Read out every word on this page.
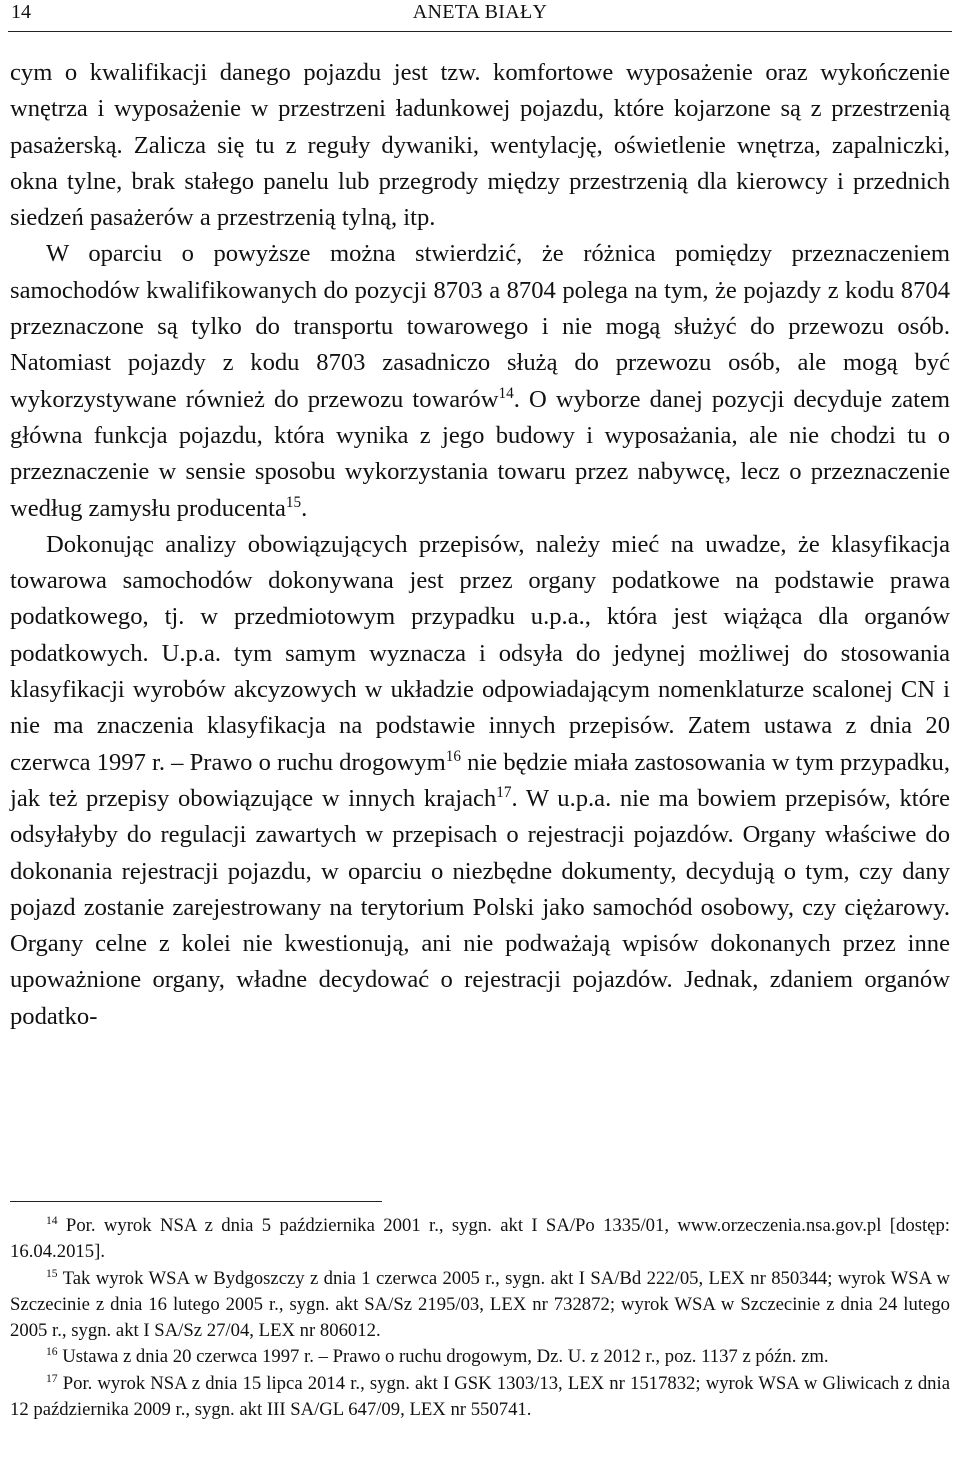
14	ANETA BIAŁY

cym o kwalifikacji danego pojazdu jest tzw. komfortowe wyposażenie oraz wykończenie wnętrza i wyposażenie w przestrzeni ładunkowej pojazdu, które kojarzone są z przestrzenią pasażerską. Zalicza się tu z reguły dywaniki, wentylację, oświetlenie wnętrza, zapalniczki, okna tylne, brak stałego panelu lub przegrody między przestrzenią dla kierowcy i przednich siedzeń pasażerów a przestrzenią tylną, itp.

W oparciu o powyższe można stwierdzić, że różnica pomiędzy przeznaczeniem samochodów kwalifikowanych do pozycji 8703 a 8704 polega na tym, że pojazdy z kodu 8704 przeznaczone są tylko do transportu towarowego i nie mogą służyć do przewozu osób. Natomiast pojazdy z kodu 8703 zasadniczo służą do przewozu osób, ale mogą być wykorzystywane również do przewozu towarów$^{14}$. O wyborze danej pozycji decyduje zatem główna funkcja pojazdu, która wynika z jego budowy i wyposażania, ale nie chodzi tu o przeznaczenie w sensie sposobu wykorzystania towaru przez nabywcę, lecz o przeznaczenie według zamysłu producenta$^{15}$.

Dokonując analizy obowiązujących przepisów, należy mieć na uwadze, że klasyfikacja towarowa samochodów dokonywana jest przez organy podatkowe na podstawie prawa podatkowego, tj. w przedmiotowym przypadku u.p.a., która jest wiążąca dla organów podatkowych. U.p.a. tym samym wyznacza i odsyła do jedynej możliwej do stosowania klasyfikacji wyrobów akcyzowych w układzie odpowiadającym nomenklaturze scalonej CN i nie ma znaczenia klasyfikacja na podstawie innych przepisów. Zatem ustawa z dnia 20 czerwca 1997 r. – Prawo o ruchu drogowym$^{16}$ nie będzie miała zastosowania w tym przypadku, jak też przepisy obowiązujące w innych krajach$^{17}$. W u.p.a. nie ma bowiem przepisów, które odsyłałyby do regulacji zawartych w przepisach o rejestracji pojazdów. Organy właściwe do dokonania rejestracji pojazdu, w oparciu o niezbędne dokumenty, decydują o tym, czy dany pojazd zostanie zarejestrowany na terytorium Polski jako samochód osobowy, czy ciężarowy. Organy celne z kolei nie kwestionują, ani nie podważają wpisów dokonanych przez inne upoważnione organy, władne decydować o rejestracji pojazdów. Jednak, zdaniem organów podatko-

$^{14}$ Por. wyrok NSA z dnia 5 października 2001 r., sygn. akt I SA/Po 1335/01, www.orzeczenia.nsa.gov.pl [dostęp: 16.04.2015].

$^{15}$ Tak wyrok WSA w Bydgoszczy z dnia 1 czerwca 2005 r., sygn. akt I SA/Bd 222/05, LEX nr 850344; wyrok WSA w Szczecinie z dnia 16 lutego 2005 r., sygn. akt SA/Sz 2195/03, LEX nr 732872; wyrok WSA w Szczecinie z dnia 24 lutego 2005 r., sygn. akt I SA/Sz 27/04, LEX nr 806012.

$^{16}$ Ustawa z dnia 20 czerwca 1997 r. – Prawo o ruchu drogowym, Dz. U. z 2012 r., poz. 1137 z późn. zm.

$^{17}$ Por. wyrok NSA z dnia 15 lipca 2014 r., sygn. akt I GSK 1303/13, LEX nr 1517832; wyrok WSA w Gliwicach z dnia 12 października 2009 r., sygn. akt III SA/GL 647/09, LEX nr 550741.
